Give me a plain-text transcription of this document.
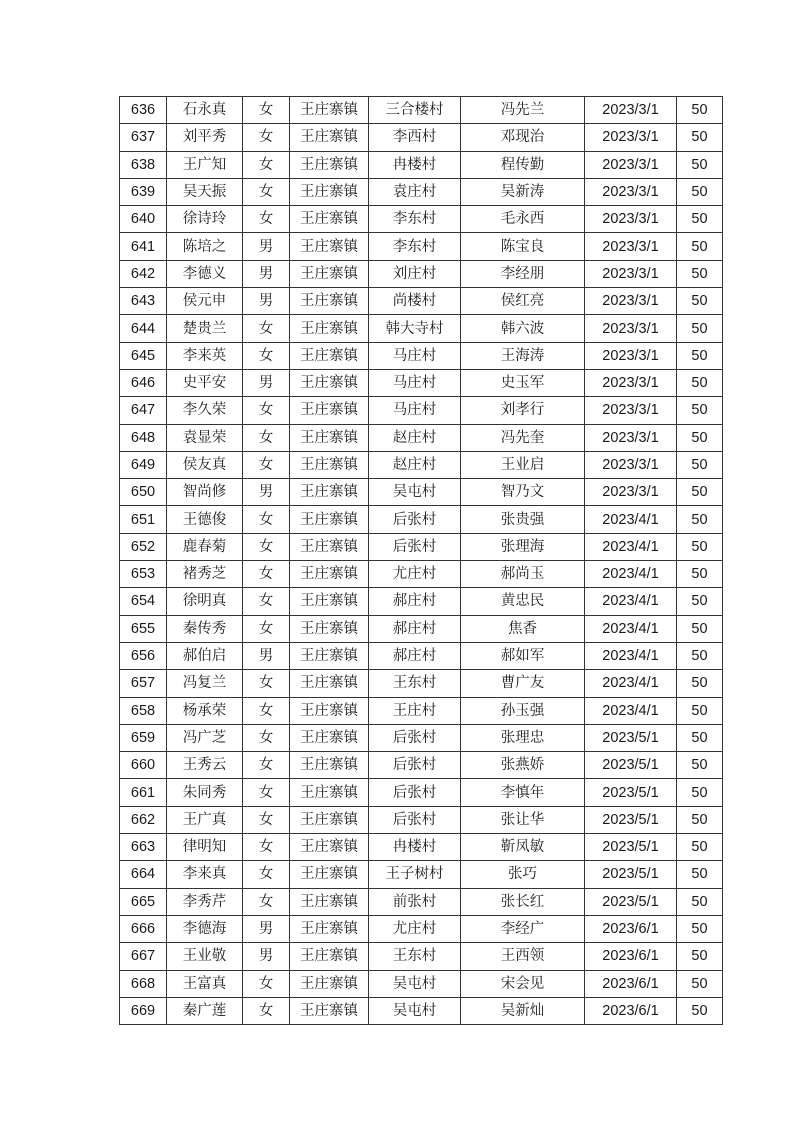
636	石永真	女	王庄寨镇	三合楼村	冯先兰	2023/3/1	50
637	刘平秀	女	王庄寨镇	李西村	邓现治	2023/3/1	50
638	王广知	女	王庄寨镇	冉楼村	程传勤	2023/3/1	50
639	吴天振	女	王庄寨镇	袁庄村	吴新涛	2023/3/1	50
640	徐诗玲	女	王庄寨镇	李东村	毛永西	2023/3/1	50
641	陈培之	男	王庄寨镇	李东村	陈宝良	2023/3/1	50
642	李德义	男	王庄寨镇	刘庄村	李经朋	2023/3/1	50
643	侯元申	男	王庄寨镇	尚楼村	侯红亮	2023/3/1	50
644	楚贵兰	女	王庄寨镇	韩大寺村	韩六波	2023/3/1	50
645	李来英	女	王庄寨镇	马庄村	王海涛	2023/3/1	50
646	史平安	男	王庄寨镇	马庄村	史玉军	2023/3/1	50
647	李久荣	女	王庄寨镇	马庄村	刘孝行	2023/3/1	50
648	袁显荣	女	王庄寨镇	赵庄村	冯先奎	2023/3/1	50
649	侯友真	女	王庄寨镇	赵庄村	王业启	2023/3/1	50
650	智尚修	男	王庄寨镇	吴屯村	智乃文	2023/3/1	50
651	王德俊	女	王庄寨镇	后张村	张贵强	2023/4/1	50
652	鹿春菊	女	王庄寨镇	后张村	张理海	2023/4/1	50
653	褚秀芝	女	王庄寨镇	尤庄村	郝尚玉	2023/4/1	50
654	徐明真	女	王庄寨镇	郝庄村	黄忠民	2023/4/1	50
655	秦传秀	女	王庄寨镇	郝庄村	焦香	2023/4/1	50
656	郝伯启	男	王庄寨镇	郝庄村	郝如军	2023/4/1	50
657	冯复兰	女	王庄寨镇	王东村	曹广友	2023/4/1	50
658	杨承荣	女	王庄寨镇	王庄村	孙玉强	2023/4/1	50
659	冯广芝	女	王庄寨镇	后张村	张理忠	2023/5/1	50
660	王秀云	女	王庄寨镇	后张村	张燕娇	2023/5/1	50
661	朱同秀	女	王庄寨镇	后张村	李慎年	2023/5/1	50
662	王广真	女	王庄寨镇	后张村	张让华	2023/5/1	50
663	律明知	女	王庄寨镇	冉楼村	靳凤敏	2023/5/1	50
664	李来真	女	王庄寨镇	王子树村	张巧	2023/5/1	50
665	李秀芹	女	王庄寨镇	前张村	张长红	2023/5/1	50
666	李德海	男	王庄寨镇	尤庄村	李经广	2023/6/1	50
667	王业敬	男	王庄寨镇	王东村	王西领	2023/6/1	50
668	王富真	女	王庄寨镇	吴屯村	宋会见	2023/6/1	50
669	秦广莲	女	王庄寨镇	吴屯村	吴新灿	2023/6/1	50
